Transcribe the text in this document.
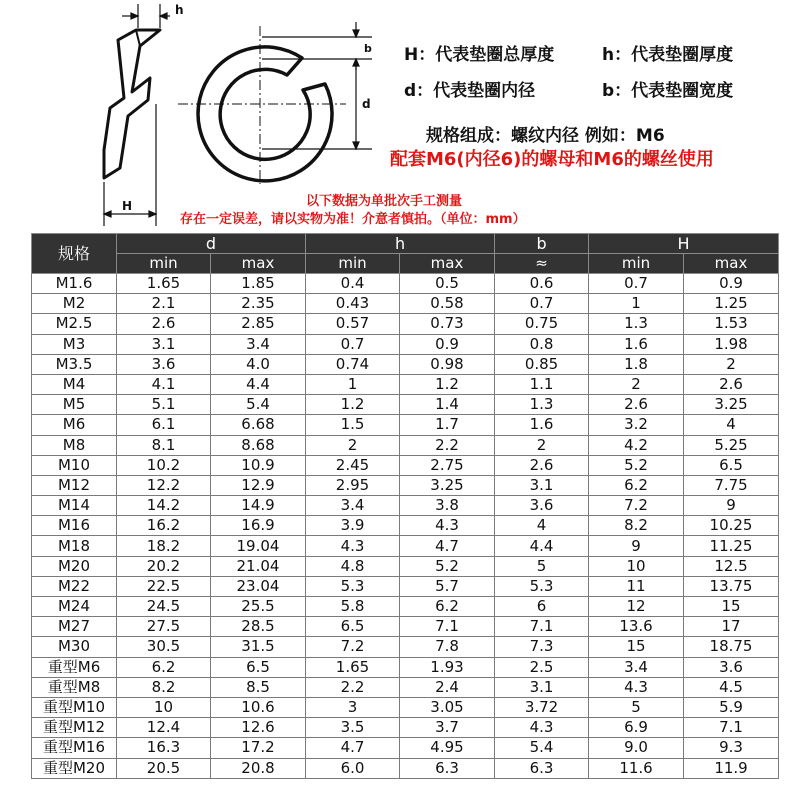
h
H
b
d
H：代表垫圈总厚度	h：代表垫圈厚度
d：代表垫圈内径	b：代表垫圈宽度
规格组成：螺纹内径 例如：M6
配套M6(内径6)的螺母和M6的螺丝使用
以下数据为单批次手工测量
存在一定误差，请以实物为准！介意者慎拍。（单位：mm）
规格	d		h		b	H	
	min	max	min	max	≈	min	max
M1.6	1.65	1.85	0.4	0.5	0.6	0.7	0.9
M2	2.1	2.35	0.43	0.58	0.7	1	1.25
M2.5	2.6	2.85	0.57	0.73	0.75	1.3	1.53
M3	3.1	3.4	0.7	0.9	0.8	1.6	1.98
M3.5	3.6	4.0	0.74	0.98	0.85	1.8	2
M4	4.1	4.4	1	1.2	1.1	2	2.6
M5	5.1	5.4	1.2	1.4	1.3	2.6	3.25
M6	6.1	6.68	1.5	1.7	1.6	3.2	4
M8	8.1	8.68	2	2.2	2	4.2	5.25
M10	10.2	10.9	2.45	2.75	2.6	5.2	6.5
M12	12.2	12.9	2.95	3.25	3.1	6.2	7.75
M14	14.2	14.9	3.4	3.8	3.6	7.2	9
M16	16.2	16.9	3.9	4.3	4	8.2	10.25
M18	18.2	19.04	4.3	4.7	4.4	9	11.25
M20	20.2	21.04	4.8	5.2	5	10	12.5
M22	22.5	23.04	5.3	5.7	5.3	11	13.75
M24	24.5	25.5	5.8	6.2	6	12	15
M27	27.5	28.5	6.5	7.1	7.1	13.6	17
M30	30.5	31.5	7.2	7.8	7.3	15	18.75
重型M6	6.2	6.5	1.65	1.93	2.5	3.4	3.6
重型M8	8.2	8.5	2.2	2.4	3.1	4.3	4.5
重型M10	10	10.6	3	3.05	3.72	5	5.9
重型M12	12.4	12.6	3.5	3.7	4.3	6.9	7.1
重型M16	16.3	17.2	4.7	4.95	5.4	9.0	9.3
重型M20	20.5	20.8	6.0	6.3	6.3	11.6	11.9
